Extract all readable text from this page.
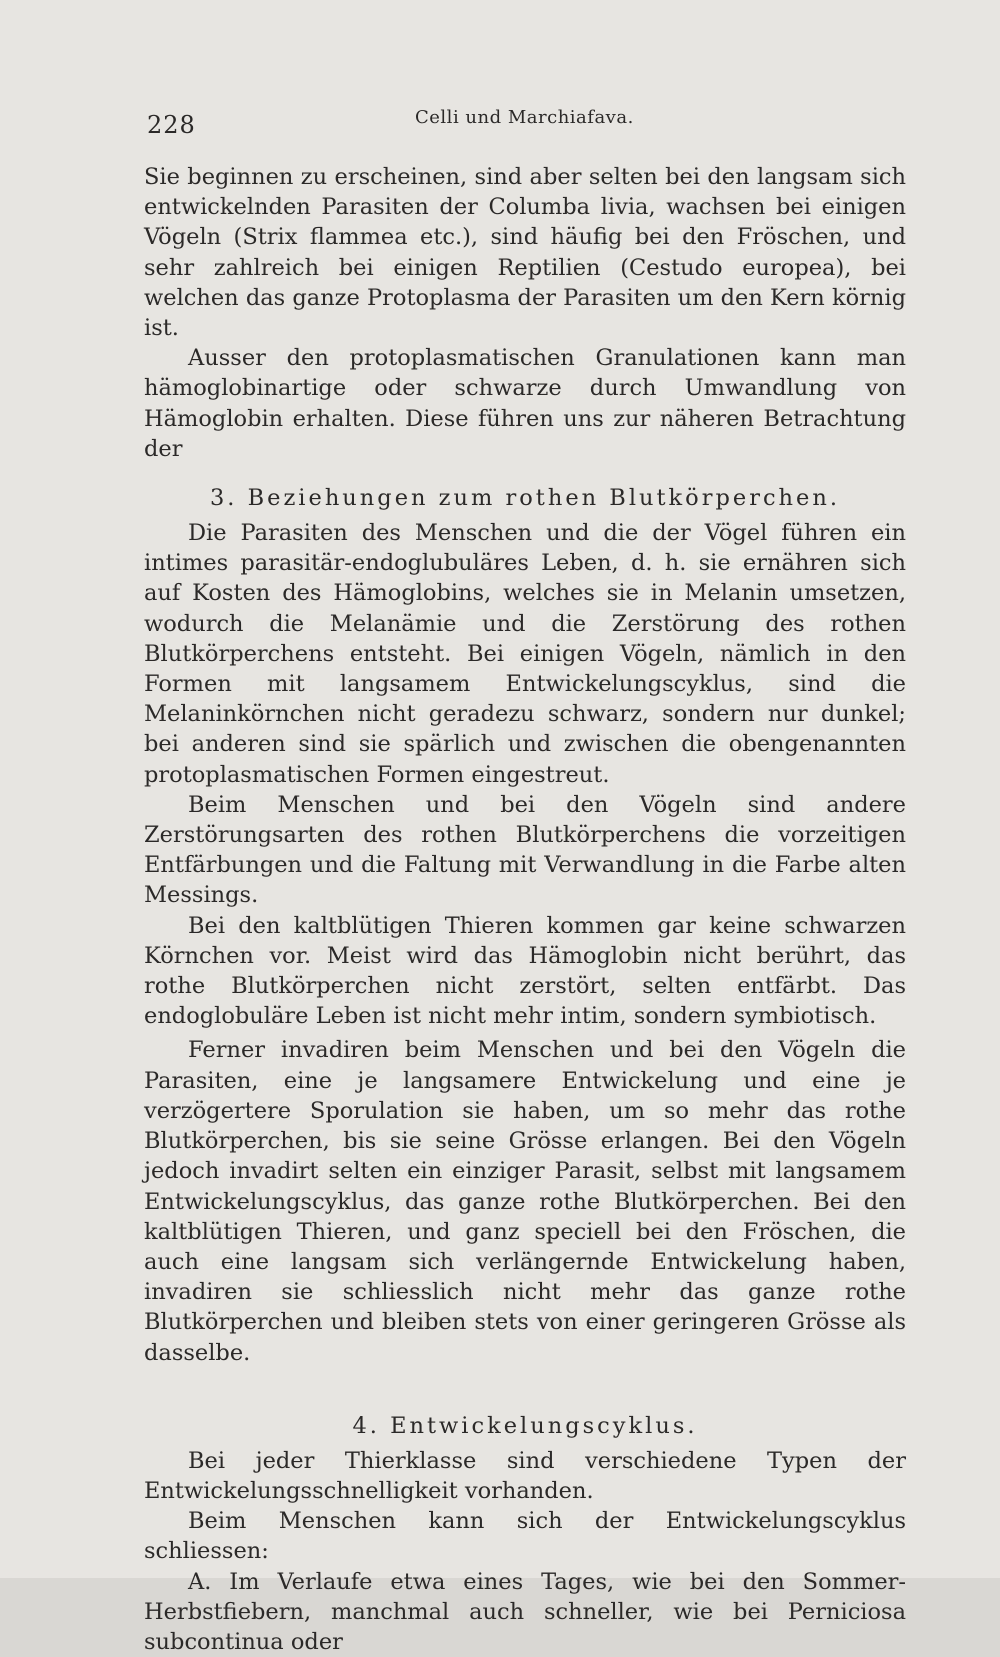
228	Celli und Marchiafava.

Sie beginnen zu erscheinen, sind aber selten bei den langsam sich entwickelnden Parasiten der Columba livia, wachsen bei einigen Vögeln (Strix flammea etc.), sind häufig bei den Fröschen, und sehr zahlreich bei einigen Reptilien (Cestudo europea), bei welchen das ganze Protoplasma der Parasiten um den Kern körnig ist.

Ausser den protoplasmatischen Granulationen kann man hämoglobinartige oder schwarze durch Umwandlung von Hämoglobin erhalten. Diese führen uns zur näheren Betrachtung der

3. Beziehungen zum rothen Blutkörperchen.

Die Parasiten des Menschen und die der Vögel führen ein intimes parasitär-endoglubuläres Leben, d. h. sie ernähren sich auf Kosten des Hämoglobins, welches sie in Melanin umsetzen, wodurch die Melanämie und die Zerstörung des rothen Blutkörperchens entsteht. Bei einigen Vögeln, nämlich in den Formen mit langsamem Entwickelungscyklus, sind die Melaninkörnchen nicht geradezu schwarz, sondern nur dunkel; bei anderen sind sie spärlich und zwischen die obengenannten protoplasmatischen Formen eingestreut.

Beim Menschen und bei den Vögeln sind andere Zerstörungsarten des rothen Blutkörperchens die vorzeitigen Entfärbungen und die Faltung mit Verwandlung in die Farbe alten Messings.

Bei den kaltblütigen Thieren kommen gar keine schwarzen Körnchen vor. Meist wird das Hämoglobin nicht berührt, das rothe Blutkörperchen nicht zerstört, selten entfärbt. Das endoglobuläre Leben ist nicht mehr intim, sondern symbiotisch.

Ferner invadiren beim Menschen und bei den Vögeln die Parasiten, eine je langsamere Entwickelung und eine je verzögertere Sporulation sie haben, um so mehr das rothe Blutkörperchen, bis sie seine Grösse erlangen. Bei den Vögeln jedoch invadirt selten ein einziger Parasit, selbst mit langsamem Entwickelungscyklus, das ganze rothe Blutkörperchen. Bei den kaltblütigen Thieren, und ganz speciell bei den Fröschen, die auch eine langsam sich verlängernde Entwickelung haben, invadiren sie schliesslich nicht mehr das ganze rothe Blutkörperchen und bleiben stets von einer geringeren Grösse als dasselbe.

4. Entwickelungscyklus.

Bei jeder Thierklasse sind verschiedene Typen der Entwickelungsschnelligkeit vorhanden.

Beim Menschen kann sich der Entwickelungscyklus schliessen:

A. Im Verlaufe etwa eines Tages, wie bei den Sommer-Herbstfiebern, manchmal auch schneller, wie bei Perniciosa subcontinua oder
